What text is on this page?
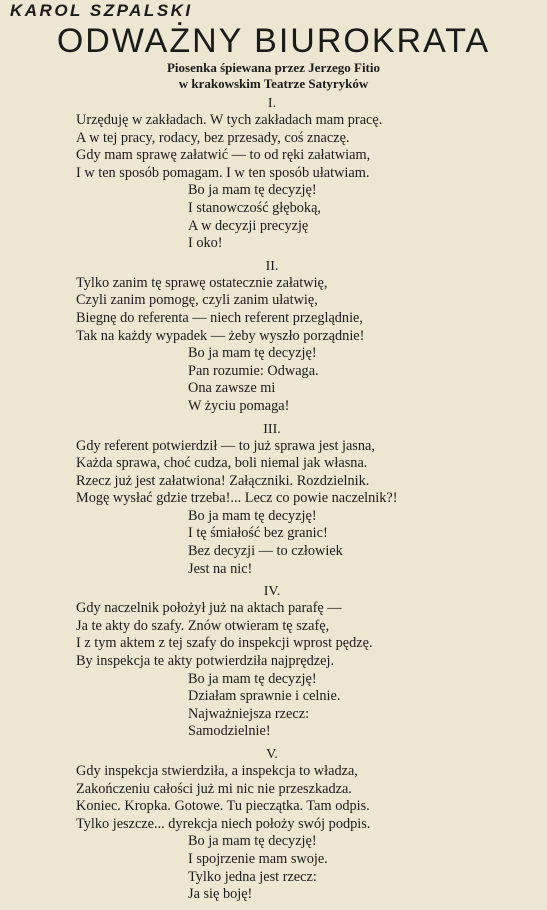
KAROL SZPALSKI
ODWAŻNY BIUROKRATA
Piosenka śpiewana przez Jerzego Fitio
w krakowskim Teatrze Satyryków
I.
Urzęduję w zakładach. W tych zakładach mam pracę.
A w tej pracy, rodacy, bez przesady, coś znaczę.
Gdy mam sprawę załatwić — to od ręki załatwiam,
I w ten sposób pomagam. I w ten sposób ułatwiam.
Bo ja mam tę decyzję!
I stanowczość głęboką,
A w decyzji precyzję
I oko!
II.
Tylko zanim tę sprawę ostatecznie załatwię,
Czyli zanim pomogę, czyli zanim ułatwię,
Biegnę do referenta — niech referent przeglądnie,
Tak na każdy wypadek — żeby wyszło porządnie!
Bo ja mam tę decyzję!
Pan rozumie: Odwaga.
Ona zawsze mi
W życiu pomaga!
III.
Gdy referent potwierdził — to już sprawa jest jasna,
Każda sprawa, choć cudza, boli niemal jak własna.
Rzecz już jest załatwiona! Załączniki. Rozdzielnik.
Mogę wysłać gdzie trzeba!... Lecz co powie naczelnik?!
Bo ja mam tę decyzję!
I tę śmiałość bez granic!
Bez decyzji — to człowiek
Jest na nic!
IV.
Gdy naczelnik położył już na aktach parafę —
Ja te akty do szafy. Znów otwieram tę szafę,
I z tym aktem z tej szafy do inspekcji wprost pędzę.
By inspekcja te akty potwierdziła najprędzej.
Bo ja mam tę decyzję!
Działam sprawnie i celnie.
Najważniejsza rzecz:
Samodzielnie!
V.
Gdy inspekcja stwierdziła, a inspekcja to władza,
Zakończeniu całości już mi nic nie przeszkadza.
Koniec. Kropka. Gotowe. Tu pieczątka. Tam odpis.
Tylko jeszcze... dyrekcja niech położy swój podpis.
Bo ja mam tę decyzję!
I spojrzenie mam swoje.
Tylko jedna jest rzecz:
Ja się boję!
